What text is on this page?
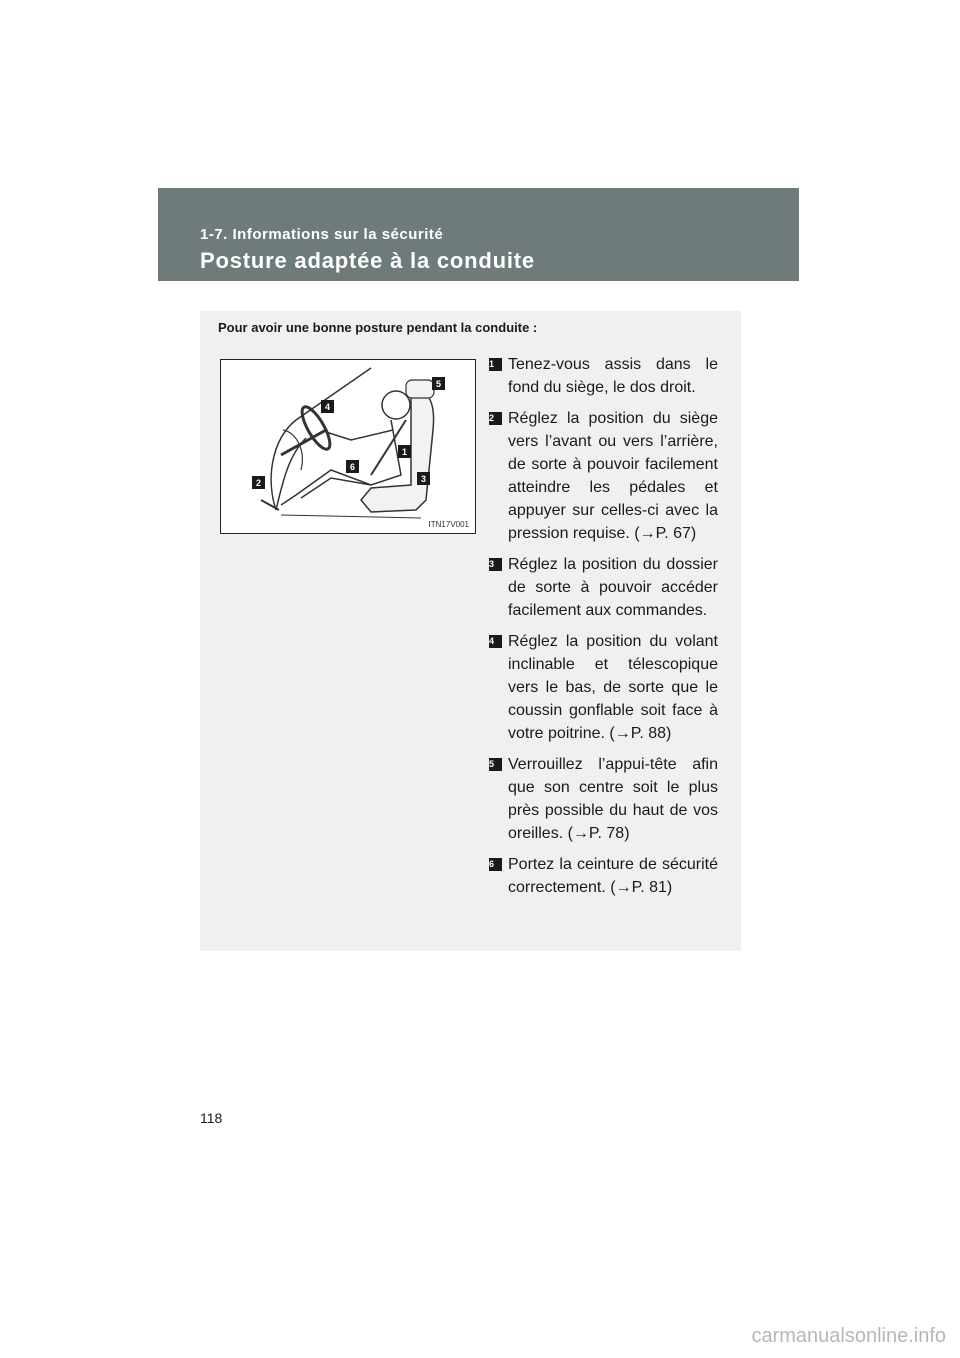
1-7. Informations sur la sécurité
Posture adaptée à la conduite
Pour avoir une bonne posture pendant la conduite :
1
2	3
4
5
6
ITN17V001
1 Tenez-vous assis dans le fond du siège, le dos droit.
2 Réglez la position du siège vers l’avant ou vers l’arrière, de sorte à pouvoir facilement atteindre les pédales et appuyer sur celles-ci avec la pression requise. (→P. 67)
3 Réglez la position du dossier de sorte à pouvoir accéder facilement aux commandes.
4 Réglez la position du volant inclinable et télescopique vers le bas, de sorte que le coussin gonflable soit face à votre poitrine. (→P. 88)
5 Verrouillez l’appui-tête afin que son centre soit le plus près possible du haut de vos oreilles. (→P. 78)
6 Portez la ceinture de sécurité correctement. (→P. 81)
118
carmanualsonline.info
